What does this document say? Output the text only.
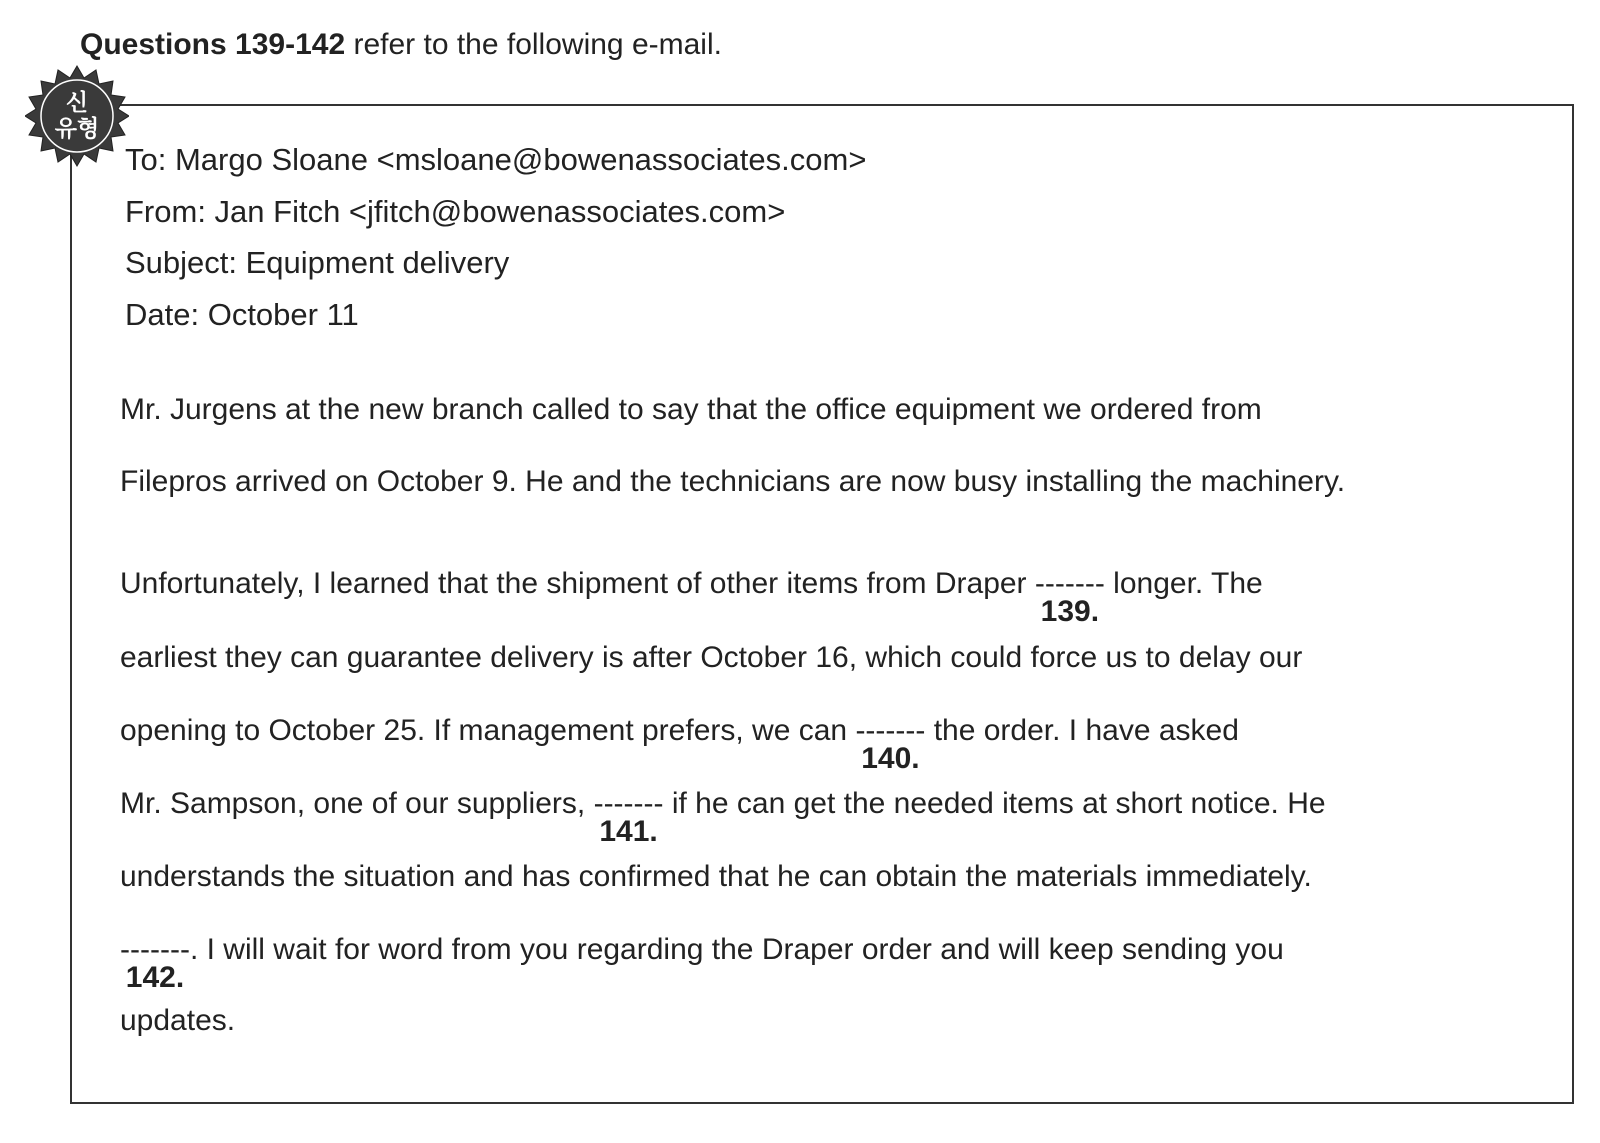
Questions 139-142 refer to the following e-mail.
신
유형
To: Margo Sloane <msloane@bowenassociates.com>
From: Jan Fitch <jfitch@bowenassociates.com>
Subject: Equipment delivery
Date: October 11
Mr. Jurgens at the new branch called to say that the office equipment we ordered from
Filepros arrived on October 9. He and the technicians are now busy installing the machinery.
Unfortunately, I learned that the shipment of other items from Draper -------
139.
longer. The
earliest they can guarantee delivery is after October 16, which could force us to delay our
opening to October 25. If management prefers, we can -------
140.
the order. I have asked
Mr. Sampson, one of our suppliers, -------
141.
if he can get the needed items at short notice. He
understands the situation and has confirmed that he can obtain the materials immediately.
-------
142.
. I will wait for word from you regarding the Draper order and will keep sending you
updates.
